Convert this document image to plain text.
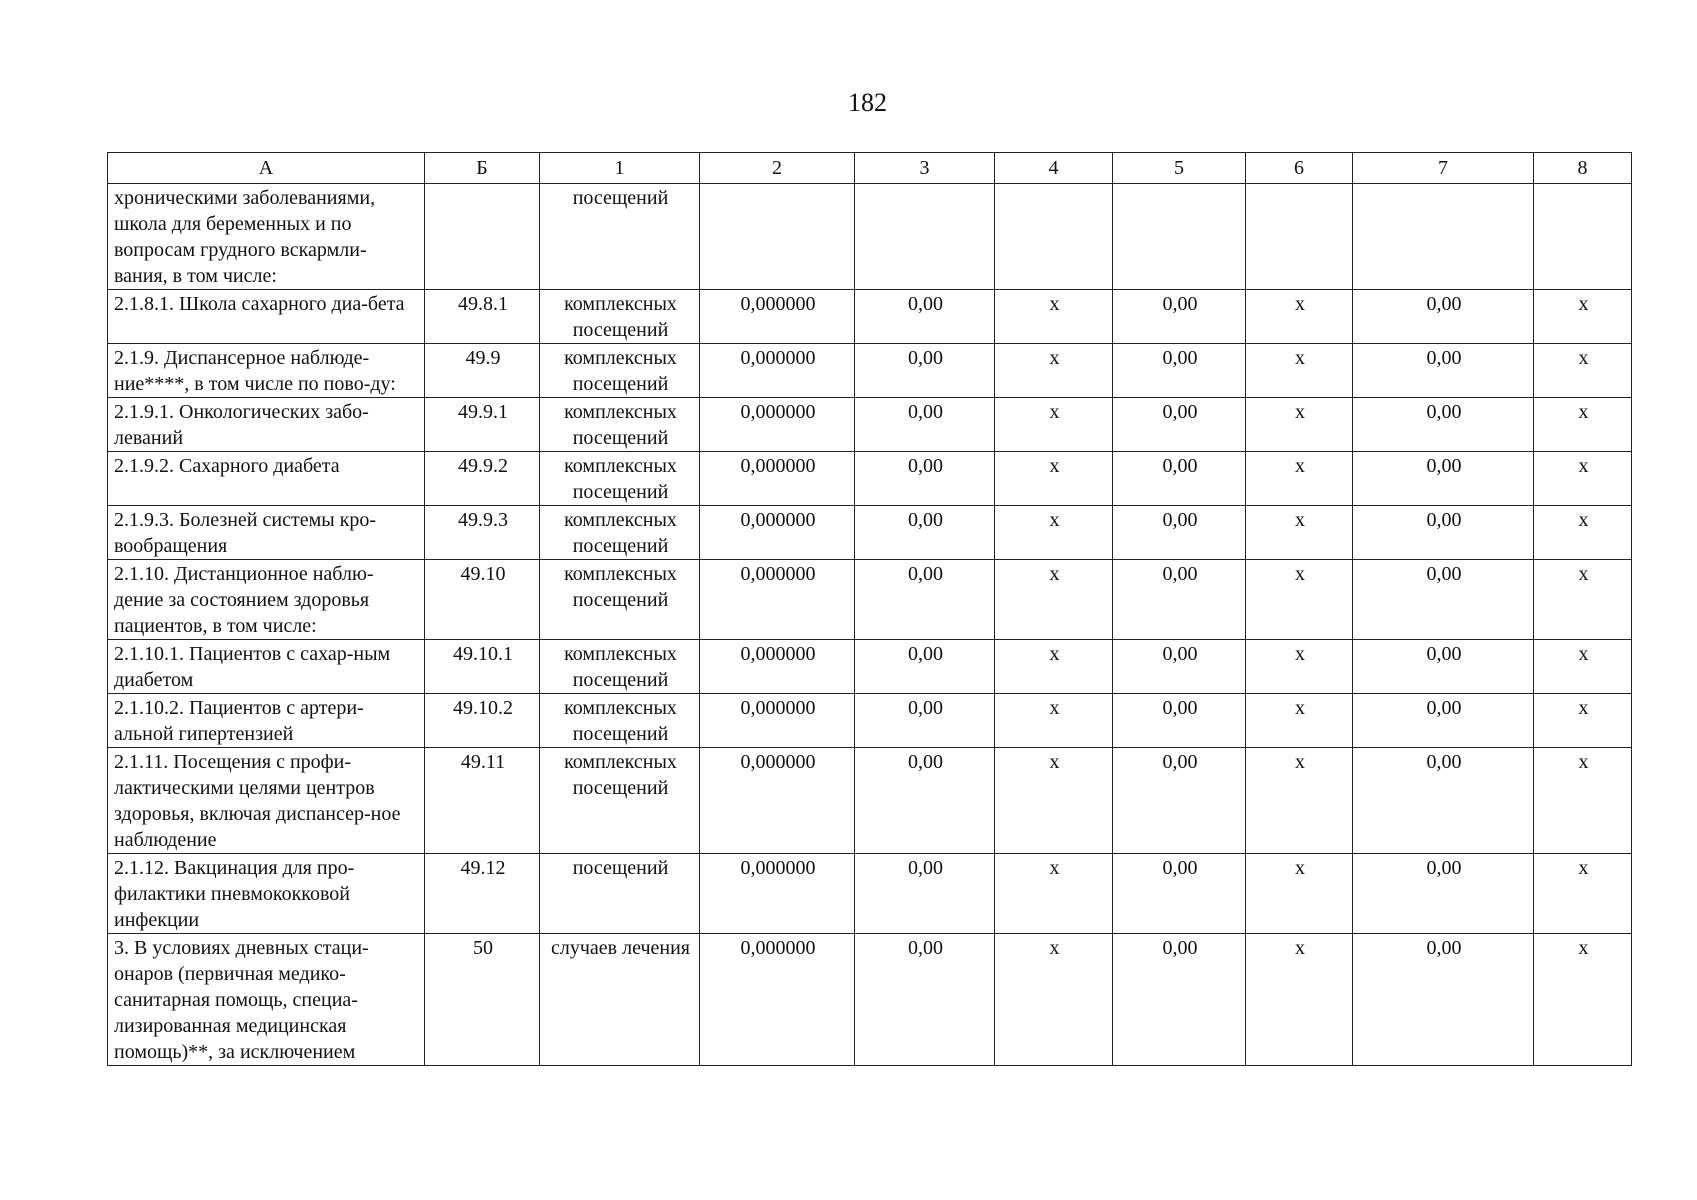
182
А	Б	1	2	3	4	5	6	7	8
хроническими заболеваниями, школа для беременных и по вопросам грудного вскармли-вания, в том числе:		посещений							
2.1.8.1. Школа сахарного диа-бета	49.8.1	комплексных посещений	0,000000	0,00	х	0,00	х	0,00	х
2.1.9. Диспансерное наблюде-ние****, в том числе по пово-ду:	49.9	комплексных посещений	0,000000	0,00	х	0,00	х	0,00	х
2.1.9.1. Онкологических забо-леваний	49.9.1	комплексных посещений	0,000000	0,00	х	0,00	х	0,00	х
2.1.9.2. Сахарного диабета	49.9.2	комплексных посещений	0,000000	0,00	х	0,00	х	0,00	х
2.1.9.3. Болезней системы кро-вообращения	49.9.3	комплексных посещений	0,000000	0,00	х	0,00	х	0,00	х
2.1.10. Дистанционное наблю-дение за состоянием здоровья пациентов, в том числе:	49.10	комплексных посещений	0,000000	0,00	х	0,00	х	0,00	х
2.1.10.1. Пациентов с сахар-ным диабетом	49.10.1	комплексных посещений	0,000000	0,00	х	0,00	х	0,00	х
2.1.10.2. Пациентов с артери-альной гипертензией	49.10.2	комплексных посещений	0,000000	0,00	х	0,00	х	0,00	х
2.1.11. Посещения с профи-лактическими целями центров здоровья, включая диспансер-ное наблюдение	49.11	комплексных посещений	0,000000	0,00	х	0,00	х	0,00	х
2.1.12. Вакцинация для про-филактики пневмококковой инфекции	49.12	посещений	0,000000	0,00	х	0,00	х	0,00	х
3. В условиях дневных стаци-онаров (первичная медико-санитарная помощь, специа-лизированная медицинская помощь)**, за исключением	50	случаев лечения	0,000000	0,00	х	0,00	х	0,00	х
